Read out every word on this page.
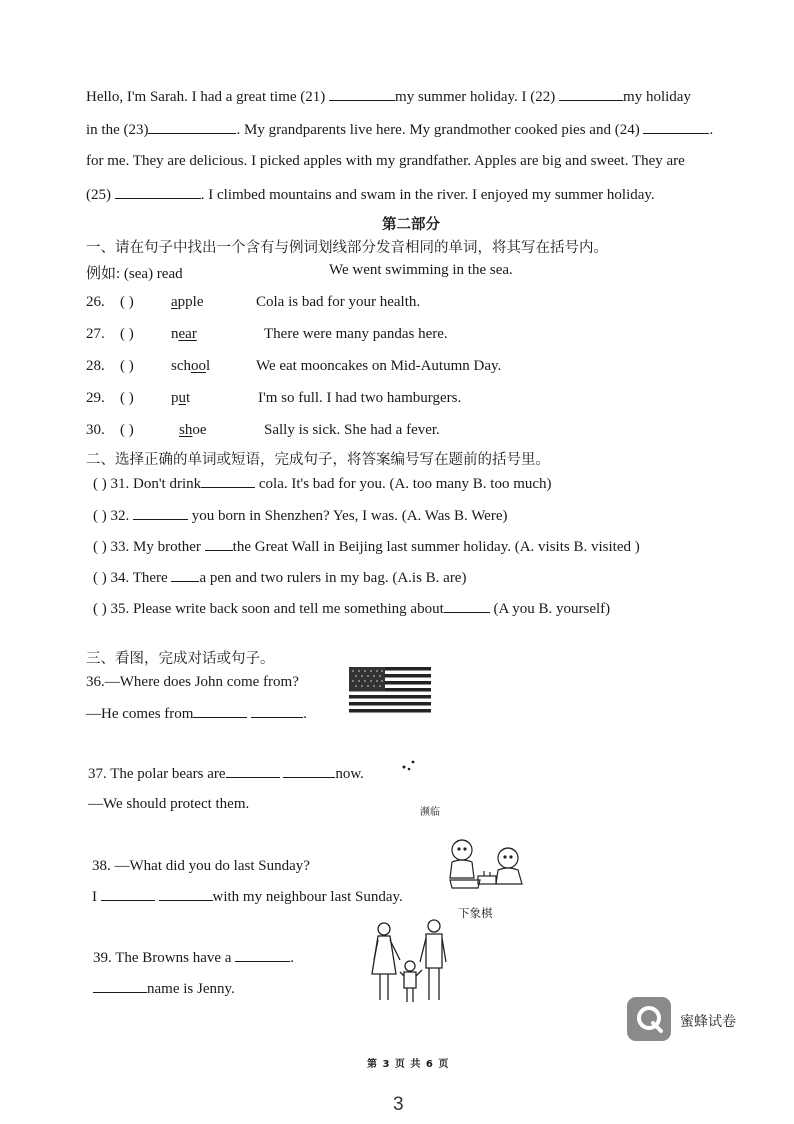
Hello, I'm Sarah. I had a great time (21)	my summer holiday. I (22)	my holiday
in the (23)	. My grandparents live here. My grandmother cooked pies and (24)	.
for me. They are delicious. I picked apples with my grandfather. Apples are big and sweet. They are
(25)	. I climbed mountains and swam in the river. I enjoyed my summer holiday.
第二部分
一、请在句子中找出一个含有与例词划线部分发音相同的单词，将其写在括号内。
例如: (sea) read	We went swimming in the sea.
26. ( ) apple	Cola is bad for your health.
27. ( ) near	There were many pandas here.
28. ( ) school	We eat mooncakes on Mid-Autumn Day.
29. ( ) put	I'm so full. I had two hamburgers.
30. ( )	shoe	Sally is sick. She had a fever.
二、选择正确的单词或短语，完成句子，将答案编号写在题前的括号里。
( ) 31. Don't drink	cola. It's bad for you. (A. too many B. too much)
( ) 32.	you born in Shenzhen? Yes, I was. (A. Was B. Were)
( ) 33. My brother the Great Wall in Beijing last summer holiday. (A. visits B. visited )
( ) 34. There a pen and two rulers in my bag. (A.is B. are)
( ) 35. Please write back soon and tell me something about	(A you B. yourself)
三、看图，完成对话或句子。
36.—Where does John come from?
—He comes from	.
37. The polar bears are	now.
—We should protect them.
濒临
38. —What did you do last Sunday?
I	with my neighbour last Sunday.
下象棋
39. The Browns have a	.
name is Jenny.
蜜蜂试卷
第 3 页 共 6 页
3
